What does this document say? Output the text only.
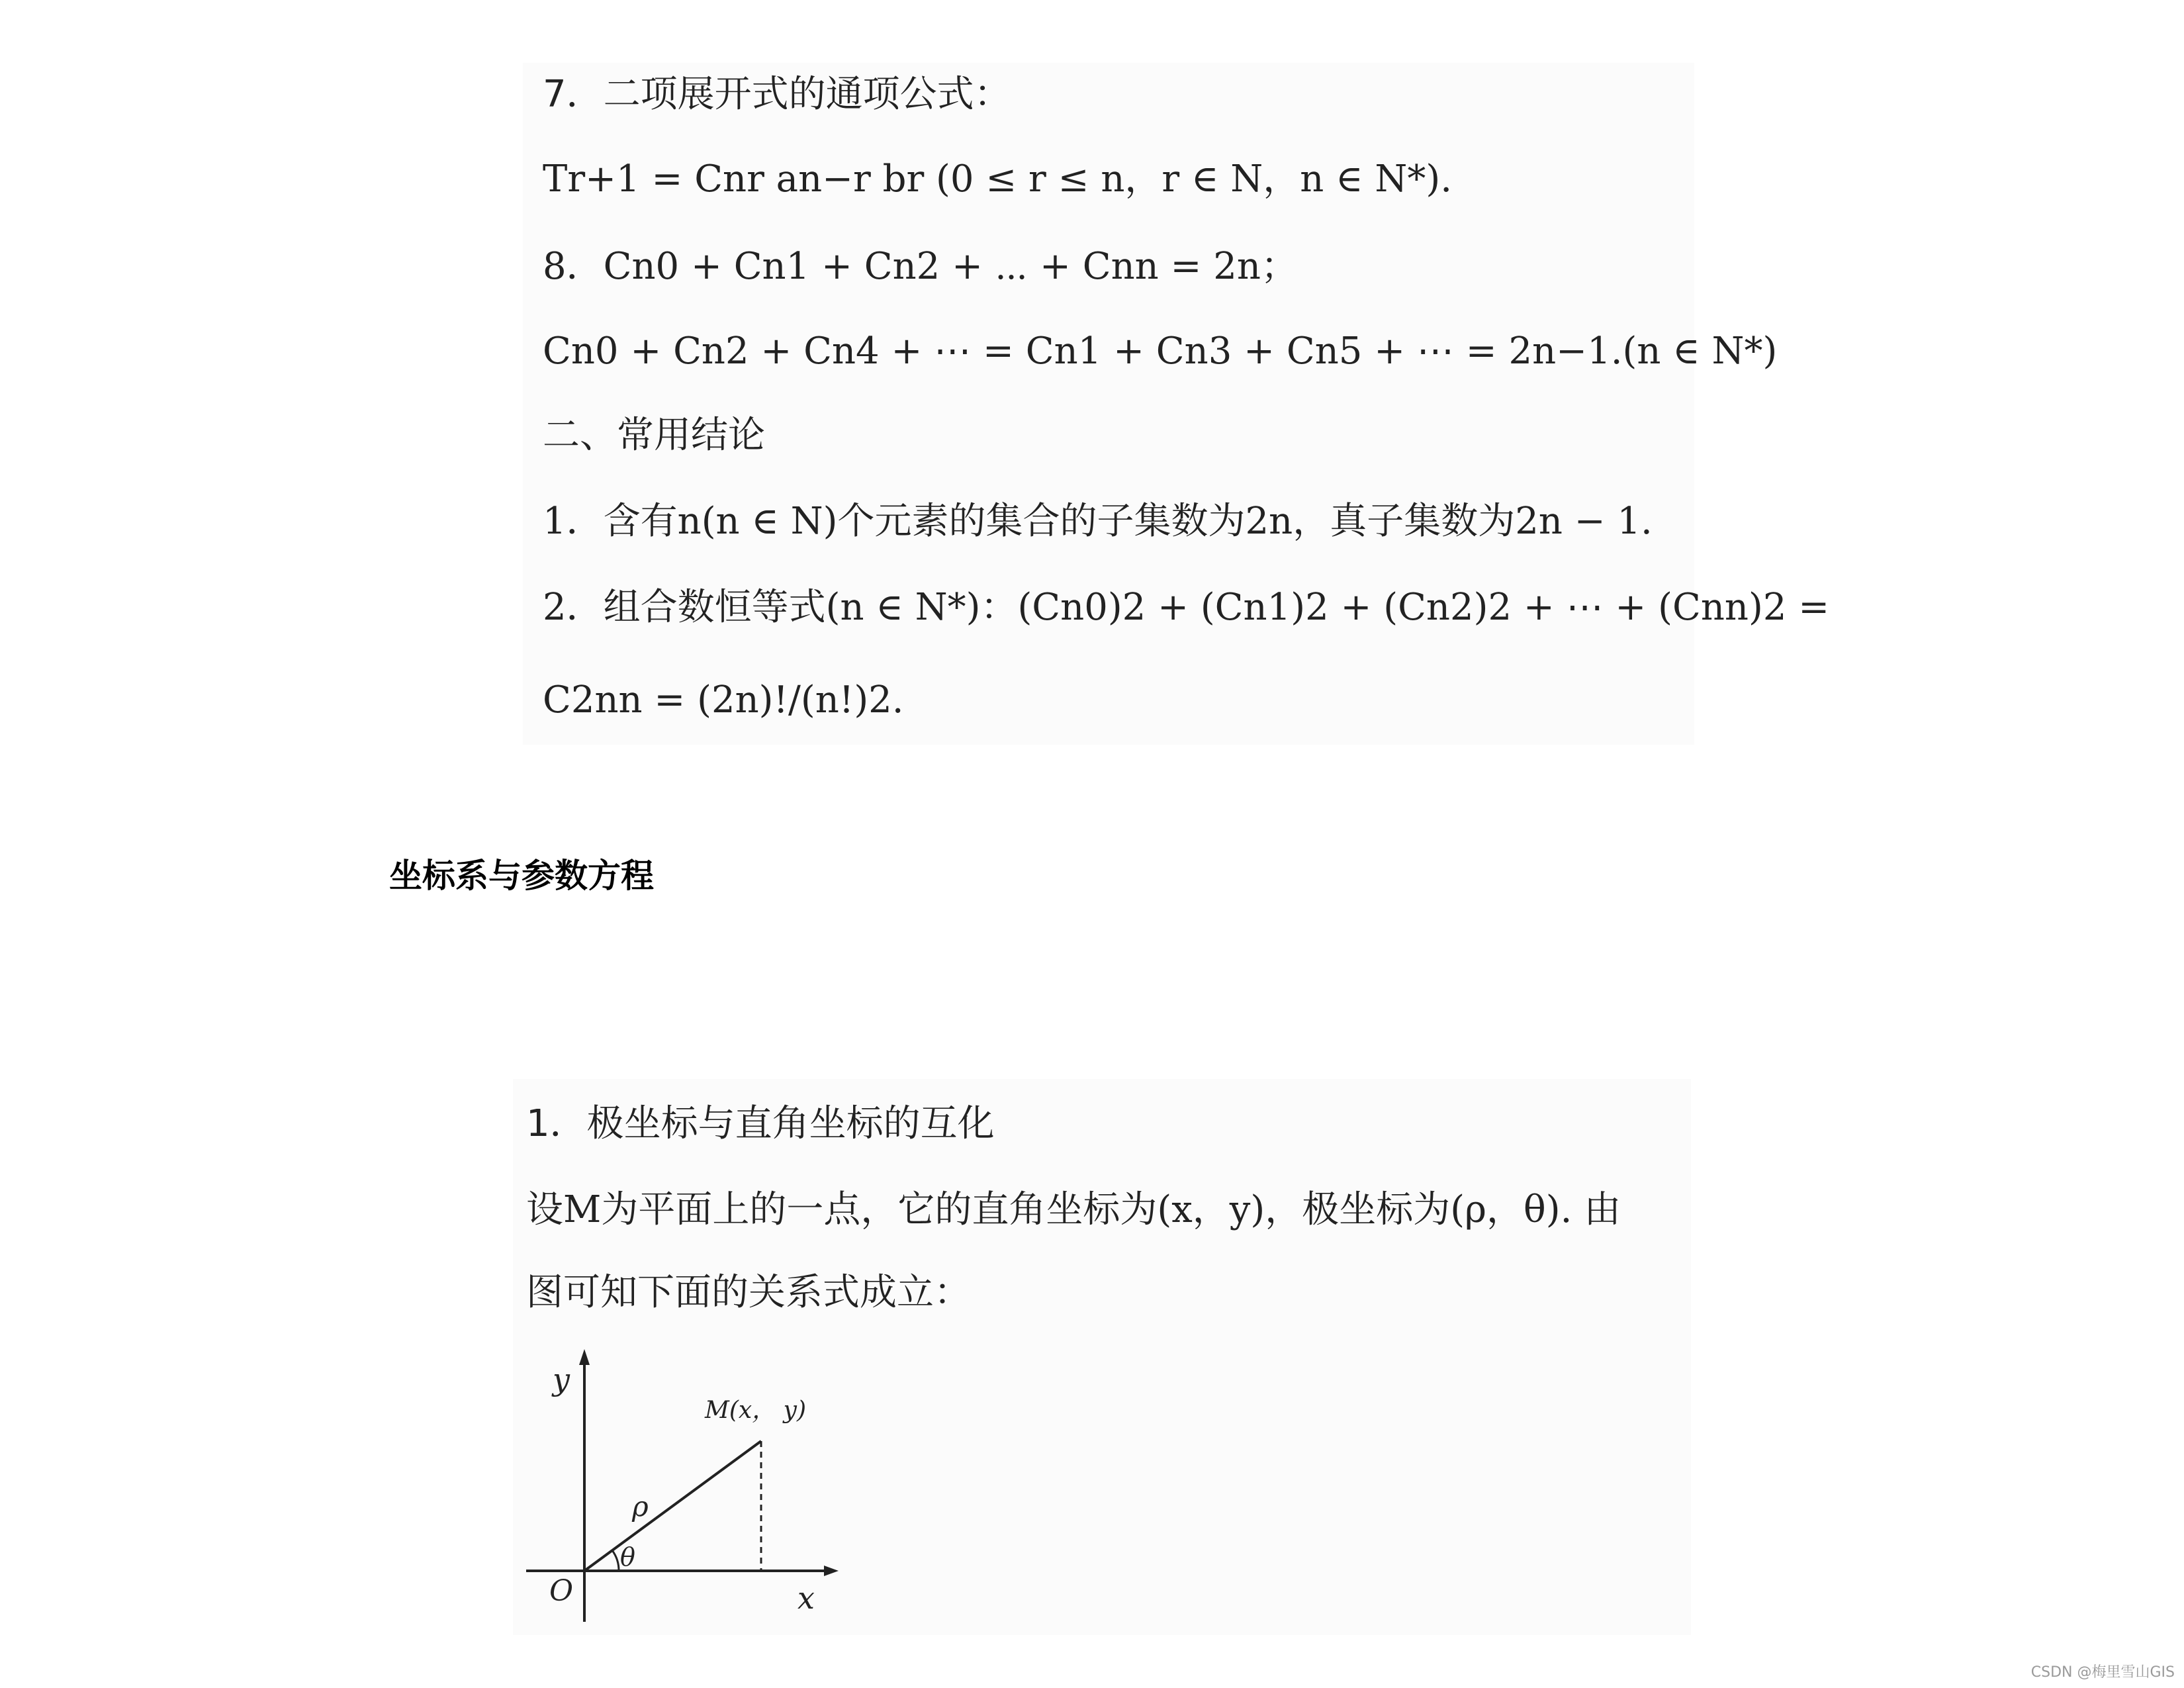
7．二项展开式的通项公式：
Tr+1 = Cnr an−r br (0 ≤ r ≤ n，r ∈ N，n ∈ N*).
8．Cn0 + Cn1 + Cn2 + ⋯ + Cnn = 2n；
Cn0 + Cn2 + Cn4 + ⋯ = Cn1 + Cn3 + Cn5 + ⋯ = 2n−1.(n ∈ N*)
二、常用结论
1．含有n(n ∈ N)个元素的集合的子集数为2n，真子集数为2n − 1.
2．组合数恒等式(n ∈ N*)：(Cn0)2 + (Cn1)2 + (Cn2)2 + ⋯ + (Cnn)2 =
C2nn = (2n)!/(n!)2.
坐标系与参数方程
1．极坐标与直角坐标的互化
设M为平面上的一点，它的直角坐标为(x，y)，极坐标为(ρ，θ). 由
图可知下面的关系式成立：
y
x
O
M(x， y)
ρ
θ
CSDN @梅里雪山GIS
